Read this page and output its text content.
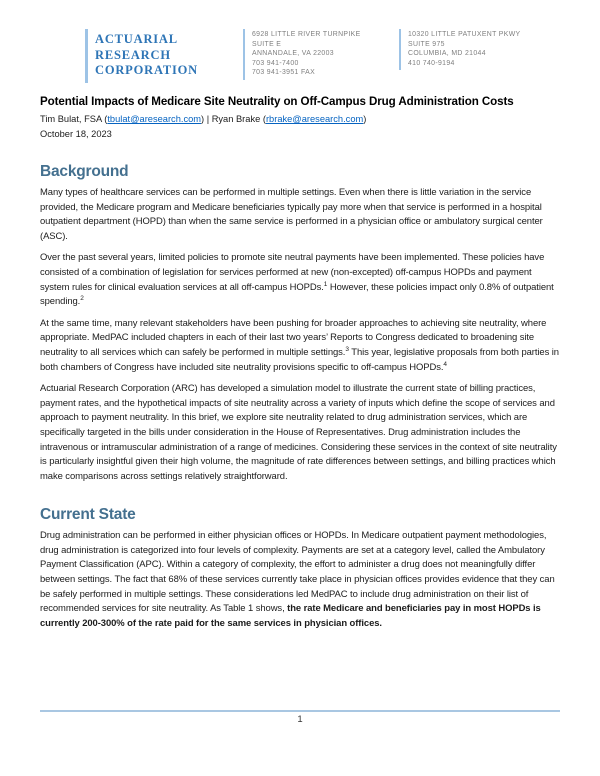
ACTUARIAL
RESEARCH
CORPORATION
6928 LITTLE RIVER TURNPIKE
SUITE E
ANNANDALE, VA 22003
703 941-7400
703 941-3951 FAX
10320 LITTLE PATUXENT PKWY
SUITE 975
COLUMBIA, MD 21044
410 740-9194
Potential Impacts of Medicare Site Neutrality on Off-Campus Drug Administration Costs

Tim Bulat, FSA (tbulat@aresearch.com) | Ryan Brake (rbrake@aresearch.com)

October 18, 2023

Background

Many types of healthcare services can be performed in multiple settings. Even when there is little variation in the service provided, the Medicare program and Medicare beneficiaries typically pay more when that service is performed in a hospital outpatient department (HOPD) than when the same service is performed in a physician office or ambulatory surgical center (ASC).

Over the past several years, limited policies to promote site neutral payments have been implemented. These policies have consisted of a combination of legislation for services performed at new (non-excepted) off-campus HOPDs and payment system rules for clinical evaluation services at all off-campus HOPDs.$^1$ However, these policies impact only 0.8% of outpatient spending.$^2$

At the same time, many relevant stakeholders have been pushing for broader approaches to achieving site neutrality, where appropriate. MedPAC included chapters in each of their last two years’ Reports to Congress dedicated to broadening site neutrality to all services which can safely be performed in multiple settings.$^3$ This year, legislative proposals from both parties in both chambers of Congress have included site neutrality provisions specific to off-campus HOPDs.$^4$

Actuarial Research Corporation (ARC) has developed a simulation model to illustrate the current state of billing practices, payment rates, and the hypothetical impacts of site neutrality across a variety of inputs which define the scope of services and approach to payment neutrality. In this brief, we explore site neutrality related to drug administration services, which are specifically targeted in the bills under consideration in the House of Representatives. Drug administration includes the intravenous or intramuscular administration of a range of medicines. Considering these services in the context of site neutrality is particularly insightful given their high volume, the magnitude of rate differences between settings, and billing practices which make comparisons across settings relatively straightforward.

Current State

Drug administration can be performed in either physician offices or HOPDs. In Medicare outpatient payment methodologies, drug administration is categorized into four levels of complexity. Payments are set at a category level, called the Ambulatory Payment Classification (APC). Within a category of complexity, the effort to administer a drug does not meaningfully differ between settings. The fact that 68% of these services currently take place in physician offices provides evidence that they can be safely performed in multiple settings. These considerations led MedPAC to include drug administration on their list of recommended services for site neutrality. As Table 1 shows, the rate Medicare and beneficiaries pay in most HOPDs is currently 200-300% of the rate paid for the same services in physician offices.

1
